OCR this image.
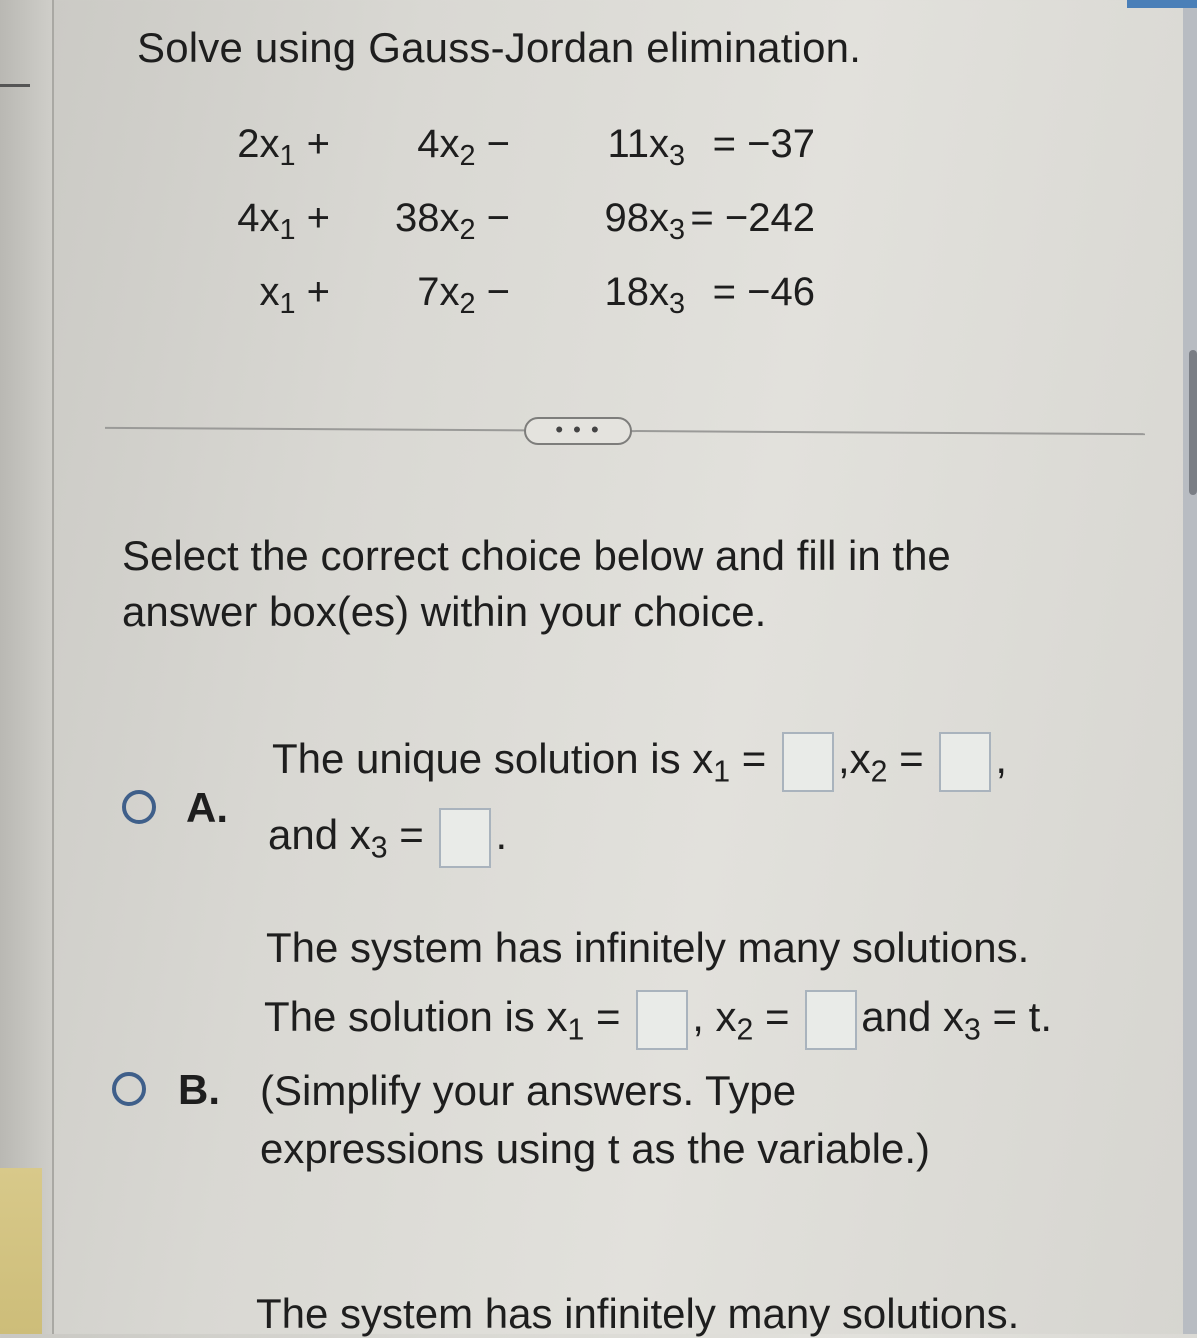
Solve using Gauss-Jordan elimination.
$2x_1$ +	$4x_2$ −	$11x_3 = -37$
$4x_1$ +	$38x_2$ −	$98x_3 = -242$
$x_1$ +	$7x_2$ −	$18x_3 = -46$
• • •
Select the correct choice below and fill in the answer box(es) within your choice.
A.
The unique solution is $x_1 = ,x_2$ = ,
and $x_3$ = .
B.
The system has infinitely many solutions.
The solution is $x_1$ = , $x_2$ = and $x_3 = t$.
(Simplify your answers. Type expressions using t as the variable.)
The system has infinitely many solutions.
